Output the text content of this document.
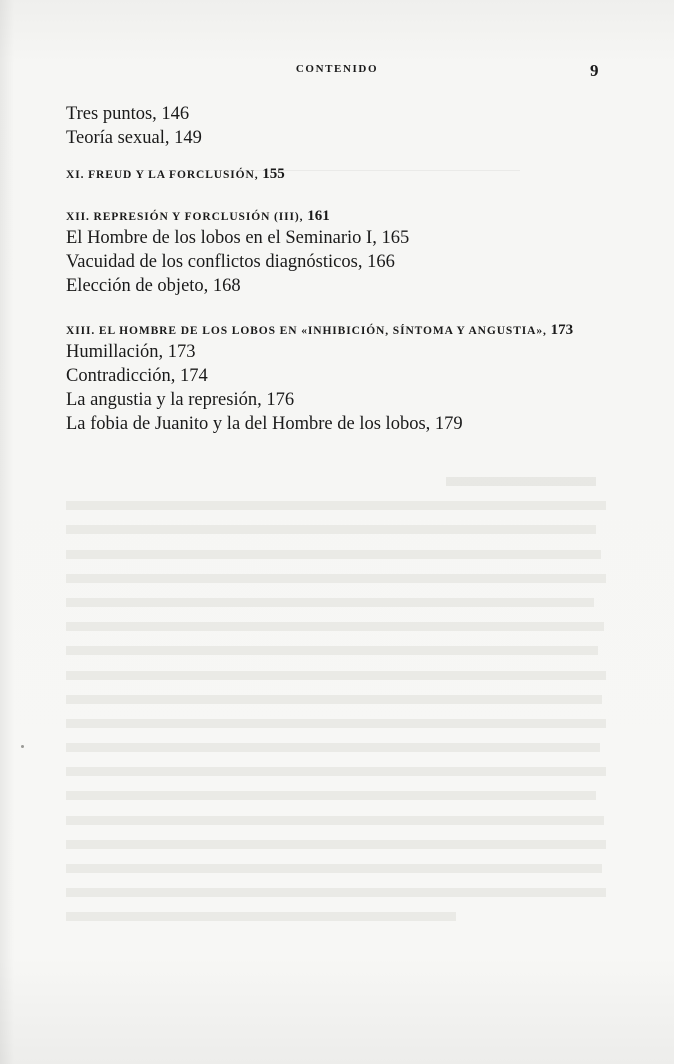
CONTENIDO	9
Tres puntos, 146
Teoría sexual, 149
XI. FREUD Y LA FORCLUSIÓN, 155
XII. REPRESIÓN Y FORCLUSIÓN (III), 161
El Hombre de los lobos en el Seminario I, 165
Vacuidad de los conflictos diagnósticos, 166
Elección de objeto, 168
XIII. EL HOMBRE DE LOS LOBOS EN «INHIBICIÓN, SÍNTOMA Y ANGUSTIA», 173
Humillación, 173
Contradicción, 174
La angustia y la represión, 176
La fobia de Juanito y la del Hombre de los lobos, 179
